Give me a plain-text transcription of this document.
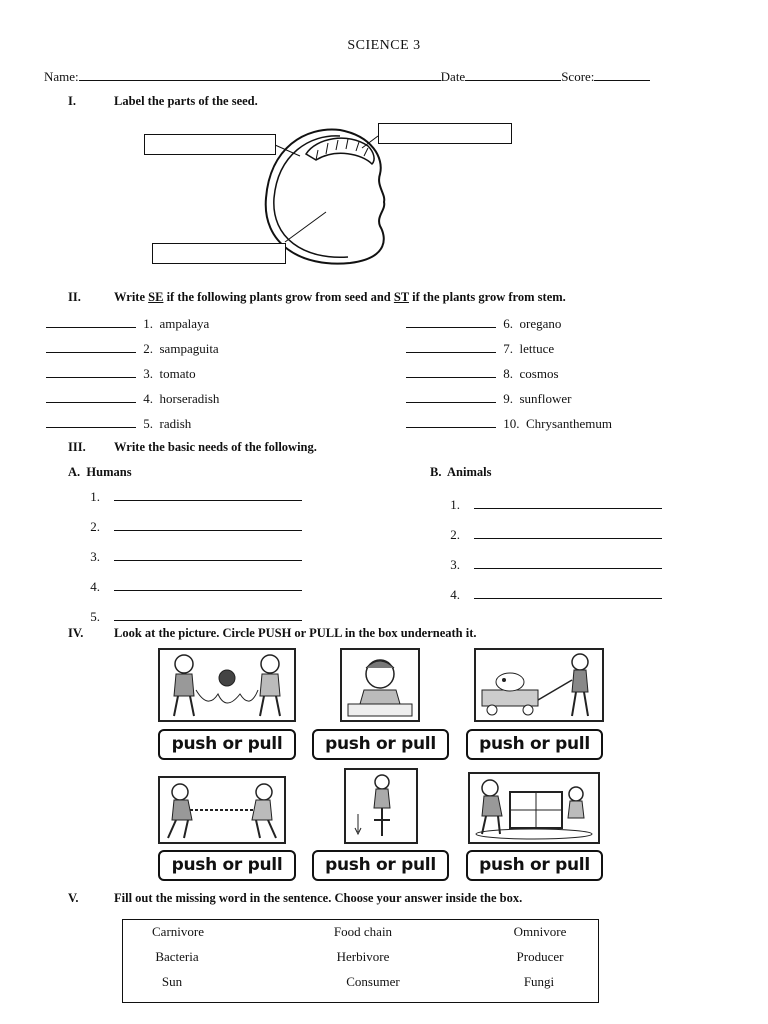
SCIENCE 3
Name:	Date	Score:
I.	Label the parts of the seed.
II.	Write SE if the following plants grow from seed and ST if the plants grow from stem.
1. ampalaya
2. sampaguita
3. tomato
4. horseradish
5. radish
6. oregano
7. lettuce
8. cosmos
9. sunflower
10. Chrysanthemum
III. Write the basic needs of the following.
A. Humans	B. Animals
1.
2.
3.
4.
5.
1.
2.
3.
4.
IV. Look at the picture. Circle PUSH or PULL in the box underneath it.
push or pull	push or pull	push or pull
push or pull	push or pull	push or pull
V.	Fill out the missing word in the sentence. Choose your answer inside the box.
Carnivore	Food chain	Omnivore
Bacteria	Herbivore	Producer
Sun	Consumer	Fungi
